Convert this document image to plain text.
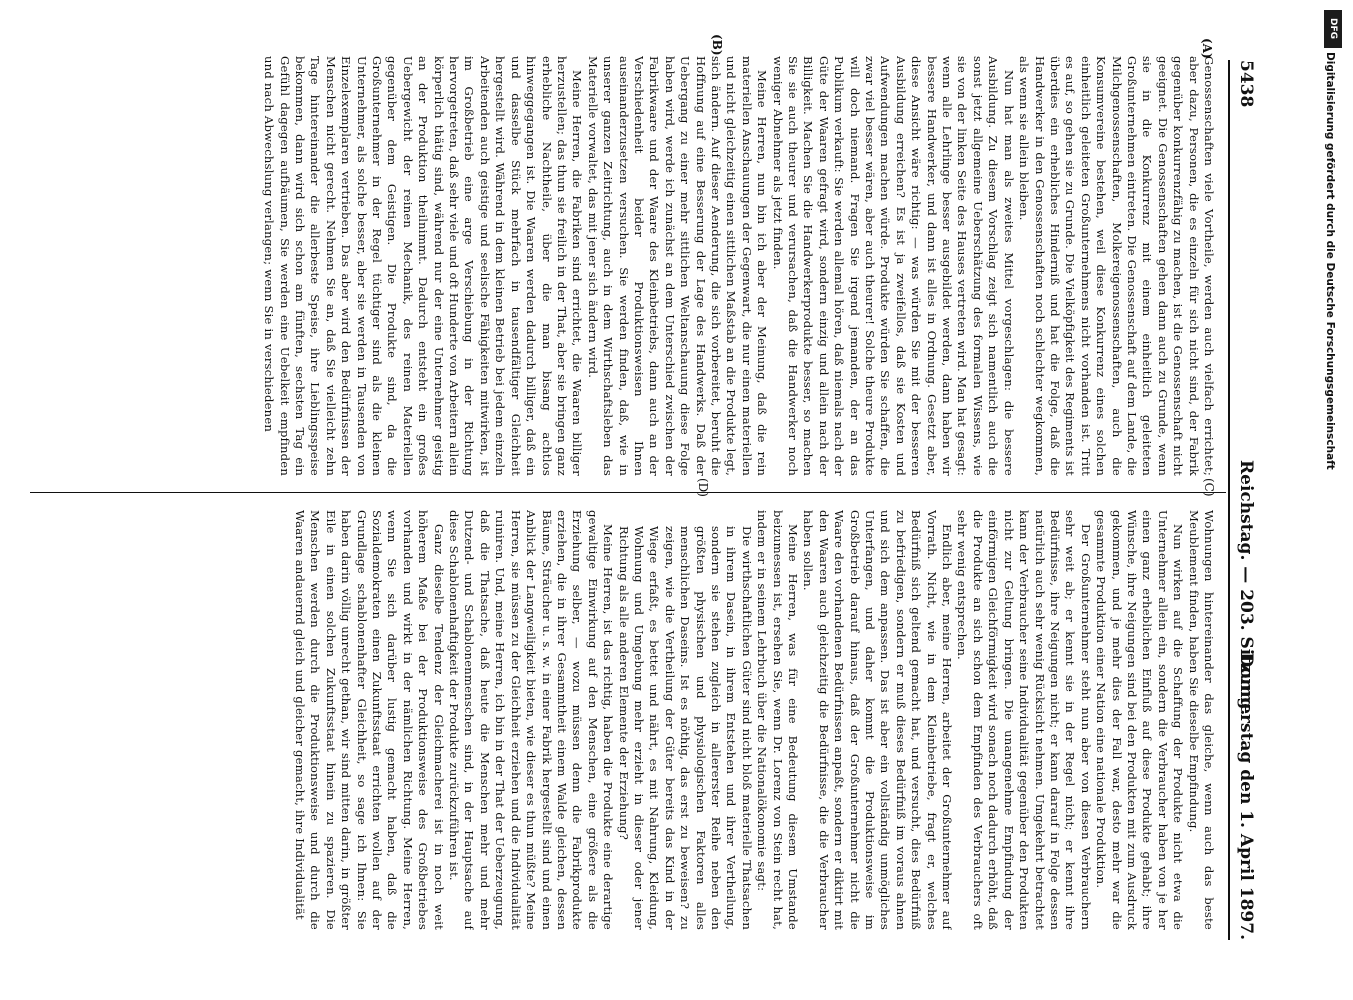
5438
Reichstag. — 203. Sitzung.
Donnerstag den 1. April 1897.
(A)
(B)
(C)
(D)

Genossenschaften viele Vortheile, werden auch vielfach errichtet; aber dazu, Personen, die es einzeln für sich nicht sind, der Fabrik gegenüber konkurrenzfähig zu machen, ist die Genossenschaft nicht geeignet. Die Genossenschaften gehen dann auch zu Grunde, wenn sie in die Konkurrenz mit einem einheitlich geleiteten Großunternehmen eintreten. Die Genossenschaft auf dem Lande, die Milchgenossenschaften, Molkereigenossenschaften, auch die Konsumvereine bestehen, weil diese Konkurrenz eines solchen einheitlich geleiteten Großunternehmens nicht vorhanden ist. Tritt es auf, so gehen sie zu Grunde. Die Vielköpfigkeit des Regiments ist überdies ein erhebliches Hinderniß und hat die Folge, daß die Handwerker in den Genossenschaften noch schlechter wegkommen, als wenn sie allein bleiben.

Nun hat man als zweites Mittel vorgeschlagen: die bessere Ausbildung. Zu diesem Vorschlag zeigt sich namentlich auch die sonst jetzt allgemeine Ueberschätzung des formalen Wissens, wie sie von der linken Seite des Hauses vertreten wird. Man hat gesagt: wenn alle Lehrlinge besser ausgebildet werden, dann haben wir bessere Handwerker, und dann ist alles in Ordnung. Gesetzt aber, diese Ansicht wäre richtig: — was würden Sie mit der besseren Ausbildung erreichen? Es ist ja zweifellos, daß sie Kosten und Aufwendungen machen würde. Produkte würden Sie schaffen, die zwar viel besser wären, aber auch theurer! Solche theure Produkte will doch niemand. Fragen Sie irgend jemanden, der an das Publikum verkauft: Sie werden allemal hören, daß niemals nach der Güte der Waaren gefragt wird, sondern einzig und allein nach der Billigkeit. Machen Sie die Handwerkerprodukte besser, so machen Sie sie auch theurer und verursachen, daß die Handwerker noch weniger Abnehmer als jetzt finden.

Meine Herren, nun bin ich aber der Meinung, daß die rein materiellen Anschauungen der Gegenwart, die nur einen materiellen und nicht gleichzeitig einen sittlichen Maßstab an die Produkte legt, sich ändern. Auf dieser Aenderung, die sich vorbereitet, beruht die Hoffnung auf eine Besserung der Lage des Handwerks. Daß der Uebergang zu einer mehr sittlichen Weltanschauung diese Folge haben wird, werde ich zunächst an dem Unterschied zwischen der Fabrikwaare und der Waare des Kleinbetriebs, dann auch an der Verschiedenheit beider Produktionsweisen Ihnen auseinanderzusetzen versuchen. Sie werden finden, daß, wie in unserer ganzen Zeitrichtung, auch in dem Wirthschaftsleben das Materielle vorwaltet, das mit jener sich ändern wird.

Meine Herren, die Fabriken sind errichtet, die Waaren billiger herzustellen; das thun sie freilich in der That, aber sie bringen ganz erhebliche Nachtheile, über die man bisang achtlos hinweggegangen ist. Die Waaren werden dadurch billiger, daß ein und dasselbe Stück mehrfach in tausendfältiger Gleichheit hergestellt wird. Während in dem kleinen Betrieb bei jedem einzeln Arbeitenden auch geistige und seelische Fähigkeiten mitwirken, ist im Großbetrieb eine arge Verschiebung in der Richtung hervorgetreten, daß sehr viele und oft Hunderte von Arbeitern allein körperlich thätig sind, während nur der eine Unternehmer geistig an der Produktion theilnimmt. Dadurch entsteht ein großes Uebergewicht der reinen Mechanik, des reinen Materiellen gegenüber dem Geistigen. Die Produkte sind, da die Großunternehmer in der Regel tüchtiger sind als die kleinen Unternehmer, als solche besser, aber sie werden in Tausenden von Einzelexemplaren vertrieben. Das aber wird den Bedürfnissen der Menschen nicht gerecht. Nehmen Sie an, daß Sie vielleicht zehn Tage hintereinander die allerbeste Speise, ihre Lieblingsspeise bekommen, dann wird sich schon am fünften, sechsten Tag ein Gefühl dagegen aufbäumen, Sie werden eine Uebelkeit empfinden und nach Abwechslung verlangen; wenn Sie in verschiedenen

Wohnungen hintereinander das gleiche, wenn auch das beste Meublement finden, haben Sie dieselbe Empfindung.

Nun wirken auf die Schaffung der Produkte nicht etwa die Unternehmer allein ein, sondern die Verbraucher haben von je her einen ganz erheblichen Einfluß auf diese Produkte gehabt; ihre Wünsche, ihre Neigungen sind bei den Produkten mit zum Ausdruck gekommen, und je mehr dies der Fall war, desto mehr war die gesammte Produktion einer Nation eine nationale Produktion.

Der Großunternehmer steht nun aber von diesen Verbrauchern sehr weit ab; er kennt sie in der Regel nicht; er kennt ihre Bedürfnisse, ihre Neigungen nicht; er kann darauf in Folge dessen natürlich auch sehr wenig Rücksicht nehmen. Umgekehrt betrachtet kann der Verbraucher seine Individualität gegenüber den Produkten nicht zur Geltung bringen. Die unangenehme Empfindung der einförmigen Gleichförmigkeit wird sonach noch dadurch erhöht, daß die Produkte an sich schon dem Empfinden des Verbrauchers oft sehr wenig entsprechen.

Endlich aber, meine Herren, arbeitet der Großunternehmer auf Vorrath. Nicht, wie in dem Kleinbetriebe, fragt er, welches Bedürfniß sich geltend gemacht hat, und versucht, dies Bedürfniß zu befriedigen, sondern er muß dieses Bedürfniß im voraus ahnen und sich dem anpassen. Das ist aber ein vollständig unmögliches Unterfangen, und daher kommt die Produktionsweise im Großbetrieb darauf hinaus, daß der Großunternehmer nicht die Waare den vorhandenen Bedürfnissen anpaßt, sondern er diktirt mit den Waaren auch gleichzeitig die Bedürfnisse, die die Verbraucher haben sollen.

Meine Herren, was für eine Bedeutung diesem Umstande beizumessen ist, ersehen Sie, wenn Dr. Lorenz von Stein recht hat, indem er in seinem Lehrbuch über die Nationalökonomie sagt:

Die wirthschaftlichen Güter sind nicht bloß materielle Thatsachen in ihrem Dasein, in ihrem Entstehen und ihrer Vertheilung, sondern sie stehen zugleich in allererster Reihe neben den größten physischen und physiologischen Faktoren alles menschlichen Daseins. Ist es nöthig, das erst zu beweisen? zu zeigen, wie die Vertheilung der Güter bereits das Kind in der Wiege erfaßt, es bettet und nährt, es mit Nahrung, Kleidung, Wohnung und Umgebung mehr erzieht in dieser oder jener Richtung als alle anderen Elemente der Erziehung?

Meine Herren, ist das richtig, haben die Produkte eine derartige gewaltige Einwirkung auf den Menschen, eine größere als die Erziehung selber, — wozu müssen denn die Fabrikprodukte erziehen, die in ihrer Gesammtheit einem Walde gleichen, dessen Bäume, Sträucher u. s. w. in einer Fabrik hergestellt sind und einen Anblick der Langweiligkeit bieten, wie dieser es thun müßte? Meine Herren, sie müssen zu der Gleichheit erziehen und die Individualität ruiniren. Und, meine Herren, ich bin in der That der Ueberzeugung, daß die Thatsache, daß heute die Menschen mehr und mehr Dutzend- und Schablonenmenschen sind, in der Hauptsache auf diese Schablonenhaftigkeit der Produkte zurückzuführen ist.

Ganz dieselbe Tendenz der Gleichmacherei ist in noch weit höherem Maße bei der Produktionsweise des Großbetriebes vorhanden und wirkt in der nämlichen Richtung. Meine Herren, wenn Sie sich darüber lustig gemacht haben, daß die Sozialdemokraten einen Zukunftsstaat errichten wollen auf der Grundlage schablonenhafter Gleichheit, so sage ich Ihnen: Sie haben darin völlig unrecht gethan, wir sind mitten darin, in größter Eile in einen solchen Zukunftsstaat hinein zu spazieren. Die Menschen werden durch die Produktionsweise und durch die Waaren andauernd gleich und gleicher gemacht, ihre Individualität

DFG
Digitalisierung gefördert durch die Deutsche Forschungsgemeinschaft
